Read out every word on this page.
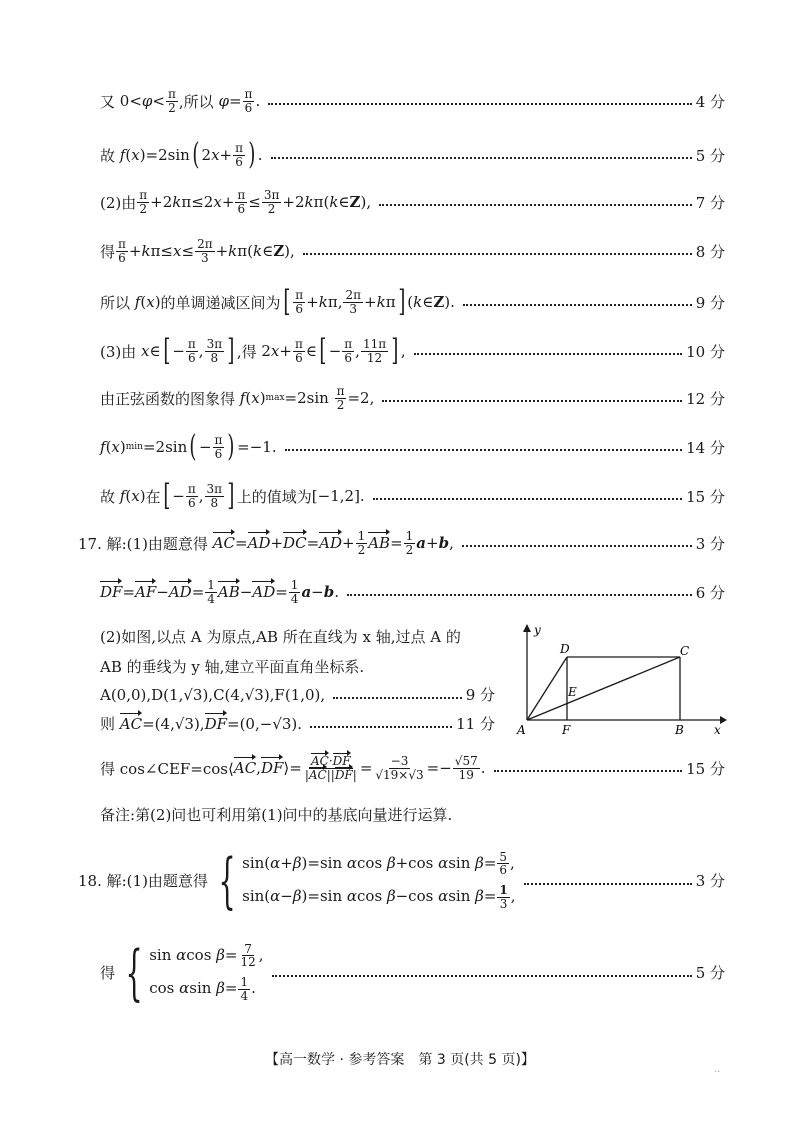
又 $0< \varphi < \frac{\pi}{2}$ ,所以
$\varphi = \frac{\pi}{6}$ .	4 分
故
f ( x )=2sin ( 2 $x + \frac{\pi}{6}$ ) .	5 分
(2)由 $\frac{\pi}{2} +2$ k π≤2 $x + \frac{\pi}{6} \le \frac{3\pi}{2} +2$ k π( k ∈ Z ),	7 分
得 $\frac{\pi}{6} + k$ $\pi\le x \le \frac{2\pi}{3} + k$ π( k ∈ Z ),	8 分
所以
f ( x ) 的单调递减区间为 [ $\frac{\pi}{6} + k$ π, $\frac{2\pi}{3} + k$ π ] ( k ∈ Z ).	9 分
(3)由
x ∈ [ − $\frac{\pi}{6}$ , $\frac{3\pi}{8}$ ] ,得 2 $x + \frac{\pi}{6}$ ∈ [ − $\frac{\pi}{6}$ , $\frac{11\pi}{12}$ ] ,	10 分
由正弦函数的图象得
f ( x ) $\max =2\sin \frac{\pi}{2} =2$,	12 分
f ( x ) min =2sin ( − $\frac{\pi}{6}$ ) =−1.	14 分
故
f ( x ) 在 [ − $\frac{\pi}{6}$ , $\frac{3\pi}{8}$ ] 上的值域为 [−1,2].	15 分
17. 解:(1)由题意得
AC = AD + DC = AD + $\frac{1}{2}$ AB = $\frac{1}{2}$ a + b ,	3 分
DF = AF − AD = $\frac{1}{4}$ AB − AD = $\frac{1}{4}$ a − b .	6 分
(2)如图,以点 A 为原点,AB 所在直线为 x 轴,过点 A 的
AB 的垂线为 y 轴,建立平面直角坐标系.
A(0,0),D(1,√3),C(4,√3),F(1,0),	9 分
则
AC =(4,√3), DF =(0,−√3).	11 分
y
x
D	C
E
A	F	B
得 cos∠CEF=cos⟨ AC , DF ⟩= $\frac{AC\cdot DF}{|AC||DF|} = \frac{-3}{√19\times√3} =- \frac{√57}{19}$ .	15 分
备注:第(2)问也可利用第(1)问中的基底向量进行运算.
18. 解:(1)由题意得 { sin(α+β)=sin αcos β+cos αsin $\beta= \frac{5}{6}$ ,
sin(α−β)=sin αcos β−cos αsin $\beta= \frac{1}{3}$ ,
3 分
得 { sin αcos $\beta= \frac{7}{12}$ ,
cos αsin $\beta= \frac{1}{4}$ .
5 分
【高一数学 · 参考答案　第 3 页(共 5 页)】
..
